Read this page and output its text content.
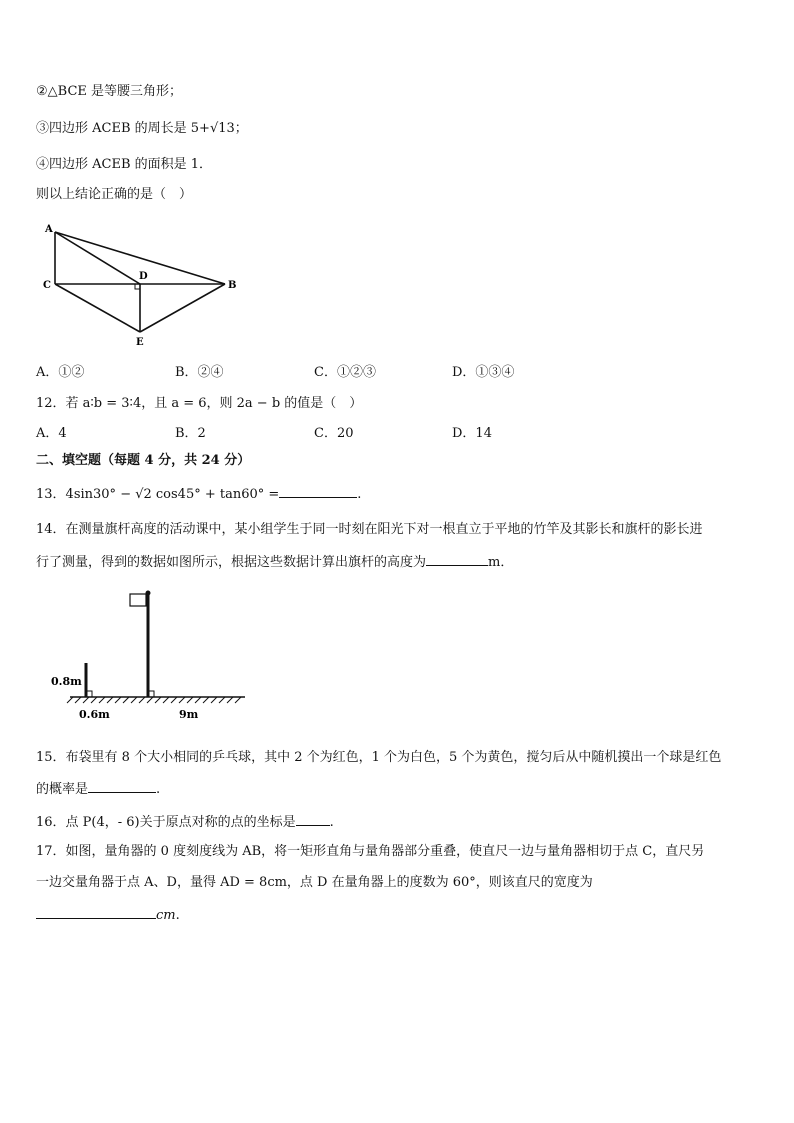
②△BCE 是等腰三角形；
③四边形 ACEB 的周长是 5+√13；
④四边形 ACEB 的面积是 1．
则以上结论正确的是（　）
A
C
D
B
E
A．①②	B．②④	C．①②③	D．①③④
12．若 a∶b = 3∶4，且 a = 6，则 2a − b 的值是（　）
A．4	B．2	C．20	D．14
二、填空题（每题 4 分，共 24 分）
13．4sin30° − √2 cos45° + tan60° =	.
14．在测量旗杆高度的活动课中，某小组学生于同一时刻在阳光下对一根直立于平地的竹竿及其影长和旗杆的影长进
行了测量，得到的数据如图所示，根据这些数据计算出旗杆的高度为	m．
0.8m
0.6m	9m
15．布袋里有 8 个大小相同的乒乓球，其中 2 个为红色，1 个为白色，5 个为黄色，搅匀后从中随机摸出一个球是红色
的概率是	.
16．点 P(4，- 6)关于原点对称的点的坐标是	.
17．如图，量角器的 0 度刻度线为 AB，将一矩形直角与量角器部分重叠，使直尺一边与量角器相切于点 C，直尺另
一边交量角器于点 A、D，量得 AD = 8cm，点 D 在量角器上的度数为 60°，则该直尺的宽度为
cm.
